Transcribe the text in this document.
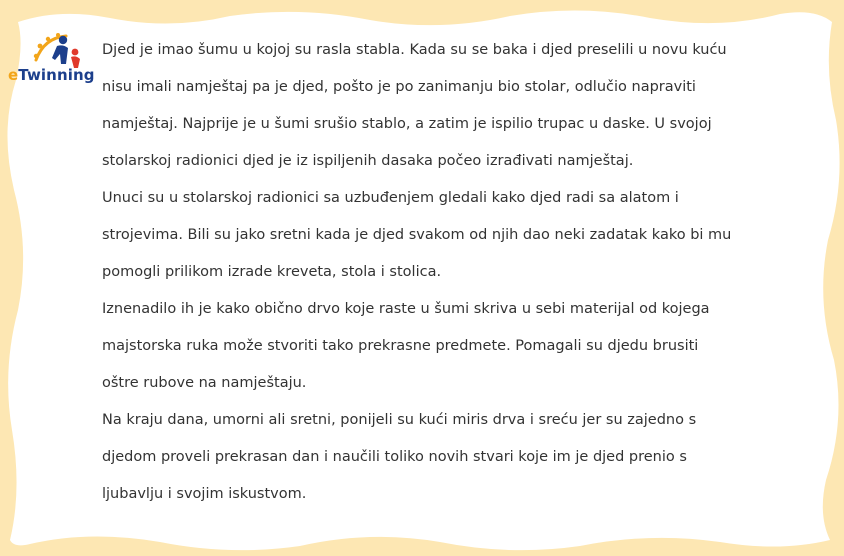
eTwinning
Djed je imao šumu u kojoj su rasla stabla. Kada su se baka i djed preselili u novu kuću
nisu imali namještaj pa je djed, pošto je po zanimanju bio stolar, odlučio napraviti
namještaj. Najprije je u šumi srušio stablo, a zatim je ispilio trupac u daske. U svojoj
stolarskoj radionici djed je iz ispiljenih dasaka počeo izrađivati namještaj.
Unuci su u stolarskoj radionici sa uzbuđenjem gledali kako djed radi sa alatom i
strojevima. Bili su jako sretni kada je djed svakom od njih dao neki zadatak kako bi mu
pomogli prilikom izrade kreveta, stola i stolica.
Iznenadilo ih je kako obično drvo koje raste u šumi skriva u sebi materijal od kojega
majstorska ruka može stvoriti tako prekrasne predmete. Pomagali su djedu brusiti
oštre rubove na namještaju.
Na kraju dana, umorni ali sretni, ponijeli su kući miris drva i sreću jer su zajedno s
djedom proveli prekrasan dan i naučili toliko novih stvari koje im je djed prenio s
ljubavlju i svojim iskustvom.
